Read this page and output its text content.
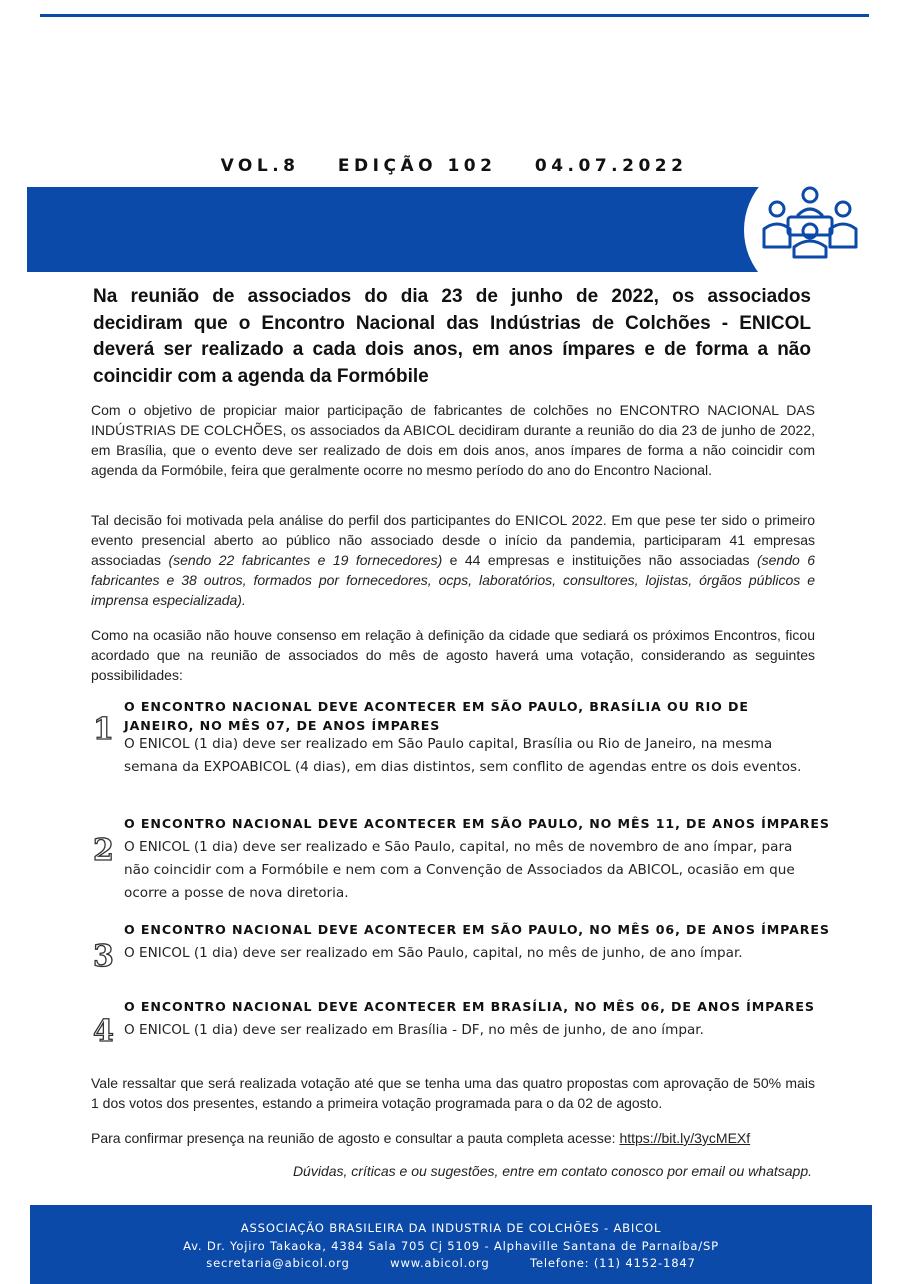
VOL.8 EDIÇÃO 102 04.07.2022
Na reunião de associados do dia 23 de junho de 2022, os associados decidiram que o Encontro Nacional das Indústrias de Colchões - ENICOL deverá ser realizado a cada dois anos, em anos ímpares e de forma a não coincidir com a agenda da Formóbile
Com o objetivo de propiciar maior participação de fabricantes de colchões no ENCONTRO NACIONAL DAS INDÚSTRIAS DE COLCHÕES, os associados da ABICOL decidiram durante a reunião do dia 23 de junho de 2022, em Brasília, que o evento deve ser realizado de dois em dois anos, anos ímpares de forma a não coincidir com agenda da Formóbile, feira que geralmente ocorre no mesmo período do ano do Encontro Nacional.
Tal decisão foi motivada pela análise do perfil dos participantes do ENICOL 2022. Em que pese ter sido o primeiro evento presencial aberto ao público não associado desde o início da pandemia, participaram 41 empresas associadas (sendo 22 fabricantes e 19 fornecedores) e 44 empresas e instituições não associadas (sendo 6 fabricantes e 38 outros, formados por fornecedores, ocps, laboratórios, consultores, lojistas, órgãos públicos e imprensa especializada).
Como na ocasião não houve consenso em relação à definição da cidade que sediará os próximos Encontros, ficou acordado que na reunião de associados do mês de agosto haverá uma votação, considerando as seguintes possibilidades:
1
O ENCONTRO NACIONAL DEVE ACONTECER EM SÃO PAULO, BRASÍLIA OU RIO DE JANEIRO, NO MÊS 07, DE ANOS ÍMPARES
O ENICOL (1 dia) deve ser realizado em São Paulo capital, Brasília ou Rio de Janeiro, na mesma semana da EXPOABICOL (4 dias), em dias distintos, sem conflito de agendas entre os dois eventos.
2
O ENCONTRO NACIONAL DEVE ACONTECER EM SÃO PAULO, NO MÊS 11, DE ANOS ÍMPARES
O ENICOL (1 dia) deve ser realizado e São Paulo, capital, no mês de novembro de ano ímpar, para não coincidir com a Formóbile e nem com a Convenção de Associados da ABICOL, ocasião em que ocorre a posse de nova diretoria.
3
O ENCONTRO NACIONAL DEVE ACONTECER EM SÃO PAULO, NO MÊS 06, DE ANOS ÍMPARES
O ENICOL (1 dia) deve ser realizado em São Paulo, capital, no mês de junho, de ano ímpar.
4
O ENCONTRO NACIONAL DEVE ACONTECER EM BRASÍLIA, NO MÊS 06, DE ANOS ÍMPARES
O ENICOL (1 dia) deve ser realizado em Brasília - DF, no mês de junho, de ano ímpar.
Vale ressaltar que será realizada votação até que se tenha uma das quatro propostas com aprovação de 50% mais 1 dos votos dos presentes, estando a primeira votação programada para o da 02 de agosto.
Para confirmar presença na reunião de agosto e consultar a pauta completa acesse: https://bit.ly/3ycMEXf
Dúvidas, críticas e ou sugestões, entre em contato conosco por email ou whatsapp.
ASSOCIAÇÃO BRASILEIRA DA INDUSTRIA DE COLCHÕES - ABICOL
Av. Dr. Yojiro Takaoka, 4384 Sala 705 Cj 5109 - Alphaville Santana de Parnaíba/SP
secretaria@abicol.org	www.abicol.org	Telefone: (11) 4152-1847
